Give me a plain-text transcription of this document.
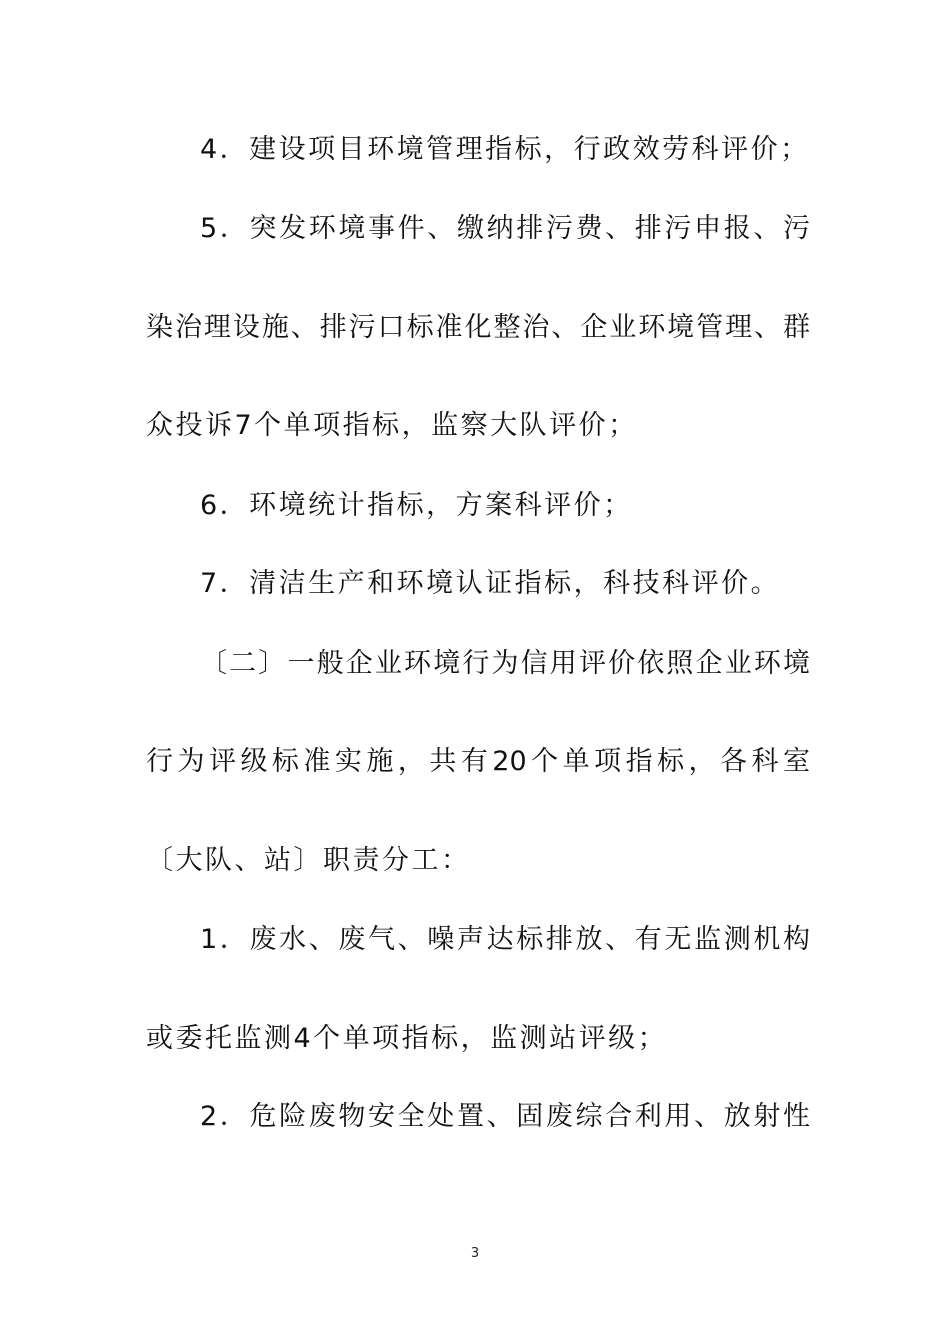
4．建设项目环境管理指标，行政效劳科评价；
5．突发环境事件、缴纳排污费、排污申报、污
染治理设施、排污口标准化整治、企业环境管理、群
众投诉7个单项指标，监察大队评价；
6．环境统计指标，方案科评价；
7．清洁生产和环境认证指标，科技科评价。
〔二〕一般企业环境行为信用评价依照企业环境
行为评级标准实施，共有20个单项指标，各科室
〔大队、站〕职责分工：
1．废水、废气、噪声达标排放、有无监测机构
或委托监测4个单项指标，监测站评级；
2．危险废物安全处置、固废综合利用、放射性
3
